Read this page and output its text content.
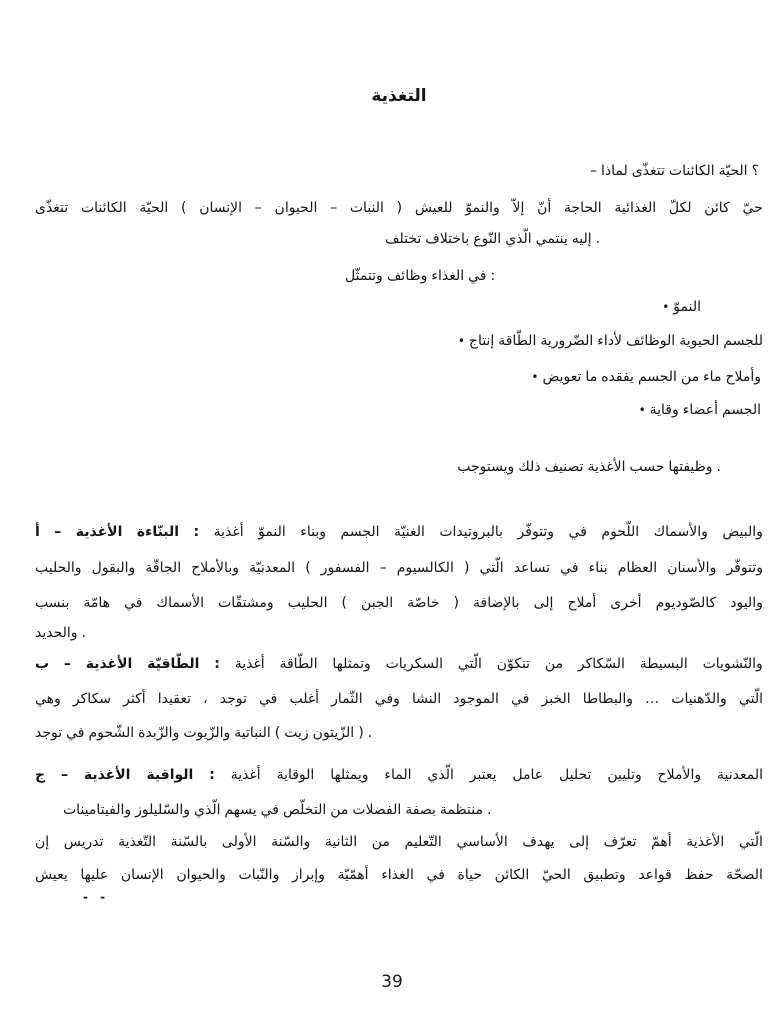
التغذية
– لماذا تتغذّى الكائنات الحيّة ؟
تتغذّى الكائنات الحيّة ( الإنسان – الحيوان – النبات ) للعيش والنموّ إلاّ أنّ الحاجة الغذائية لكلّ كائن حيّ
تختلف باختلاف النّوع الّذي ينتمي إليه .
وتتمثّل وظائف الغذاء في :
• النموّ
• إنتاج الطّاقة الضّرورية لأداء الوظائف الحيوية للجسم
• تعويض ما يفقده الجسم من ماء وأملاح
• وقاية أعضاء الجسم
ويستوجب ذلك تصنيف الأغذية حسب وظيفتها .
أ – الأغذية البنّاءة : أغذية النموّ وبناء الجسم الغنيّة بالبروتيدات وتتوفّر في اللّحوم والأسماك والبيض
والحليب والبقول الجافّة وبالأملاح المعدنيّة ( الفسفور – الكالسيوم ) الّتي تساعد في بناء العظام والأسنان وتتوفّر
بنسب هامّة في الأسماك ومشتقّات الحليب ( الجبن خاصّة ) بالإضافة إلى أملاح أخرى كالصّوديوم واليود
والحديد .
ب – الأغذية الطّاقيّة : أغذية الطّاقة وتمثلها السكريات الّتي تتكوّن من السّكاكر البسيطة والنّشويات
وهي سكاكر أكثر تعقيدا ، توجد في أغلب الثّمار وفي النشا الموجود في الخبز والبطاطا … والدّهنيات الّتي
توجد في الشّحوم والزّبدة والزّيوت النباتية ( زيت الزّيتون ) .
ج – الأغذية الواقية : أغذية الوقاية ويمثلها الماء الّذي يعتبر عامل تحليل وتليين والأملاح المعدنية
والفيتامينات والسّليلوز الّذي يسهم في التخلّص من الفضلات بصفة منتظمة .
إن تدريس التّغذية بالسّنة الأولى والسّنة الثانية من التّعليم الأساسي يهدف إلى تعرّف أهمّ الأغذية الّتي
يعيش عليها الإنسان والحيوان والنّبات وإبراز أهمّيّة الغذاء في حياة الكائن الحيّ وتطبيق قواعد حفظ الصحّة
- -
39
